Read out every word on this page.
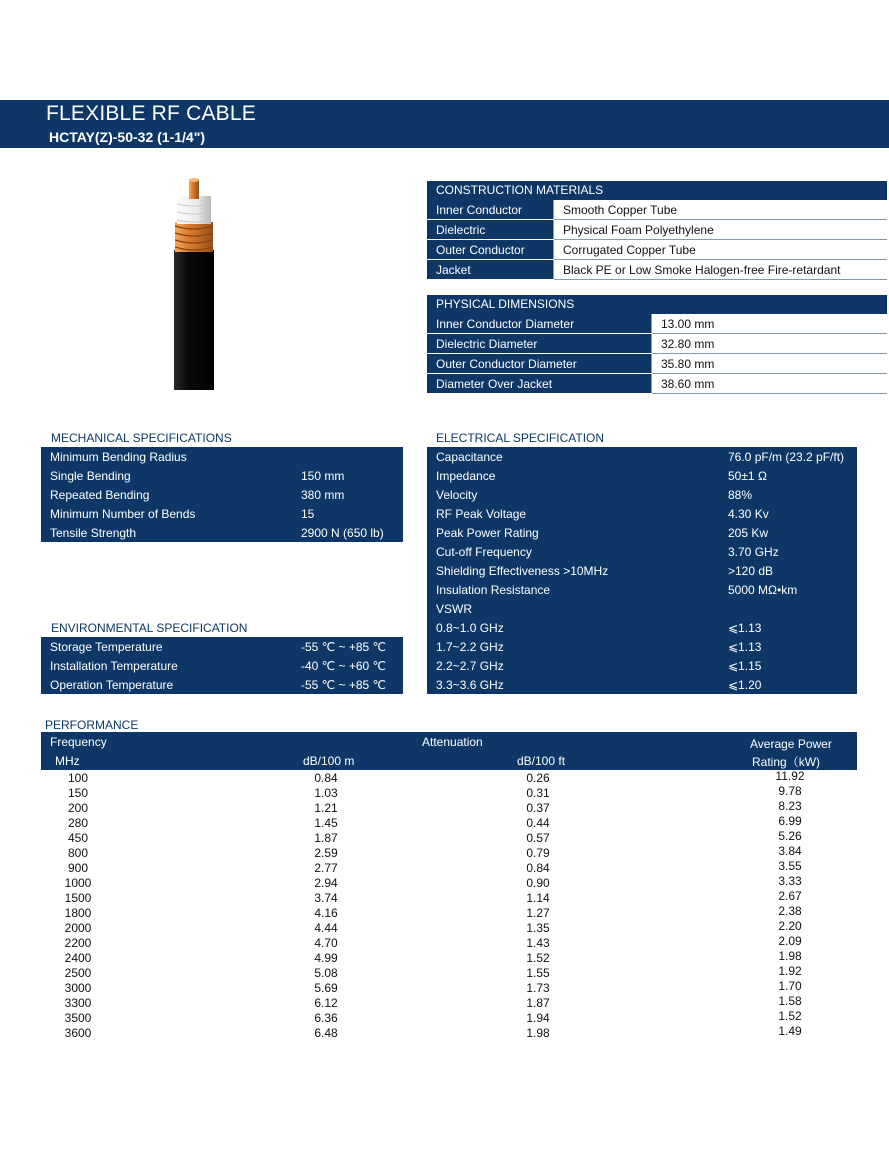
FLEXIBLE RF CABLE
HCTAY(Z)-50-32 (1-1/4")
CONSTRUCTION MATERIALS
Inner Conductor	Smooth Copper Tube
Dielectric	Physical Foam Polyethylene
Outer Conductor	Corrugated Copper Tube
Jacket	Black PE or Low Smoke Halogen-free Fire-retardant
PHYSICAL DIMENSIONS
Inner Conductor Diameter	13.00 mm
Dielectric Diameter	32.80 mm
Outer Conductor Diameter	35.80 mm
Diameter Over Jacket	38.60 mm
MECHANICAL SPECIFICATIONS
Minimum Bending Radius	
Single Bending	150 mm
Repeated Bending	380 mm
Minimum Number of Bends	15
Tensile Strength	2900 N (650 lb)
ENVIRONMENTAL SPECIFICATION
Storage Temperature	-55 ℃ ~ +85 ℃
Installation Temperature	-40 ℃ ~ +60 ℃
Operation Temperature	-55 ℃ ~ +85 ℃
ELECTRICAL SPECIFICATION
Capacitance	76.0 pF/m (23.2 pF/ft)
Impedance	50±1 Ω
Velocity	88%
RF Peak Voltage	4.30 Kv
Peak Power Rating	205 Kw
Cut-off Frequency	3.70 GHz
Shielding Effectiveness >10MHz	>120 dB
Insulation Resistance	5000 MΩ•km
VSWR	
0.8~1.0 GHz	⩽1.13
1.7~2.2 GHz	⩽1.13
2.2~2.7 GHz	⩽1.15
3.3~3.6 GHz	⩽1.20
PERFORMANCE
Frequency	Attenuation	Average Power
MHz	dB/100 m	dB/100 ft	Rating（kW)
100	0.84	0.26	11.92
150	1.03	0.31	9.78
200	1.21	0.37	8.23
280	1.45	0.44	6.99
450	1.87	0.57	5.26
800	2.59	0.79	3.84
900	2.77	0.84	3.55
1000	2.94	0.90	3.33
1500	3.74	1.14	2.67
1800	4.16	1.27	2.38
2000	4.44	1.35	2.20
2200	4.70	1.43	2.09
2400	4.99	1.52	1.98
2500	5.08	1.55	1.92
3000	5.69	1.73	1.70
3300	6.12	1.87	1.58
3500	6.36	1.94	1.52
3600	6.48	1.98	1.49
